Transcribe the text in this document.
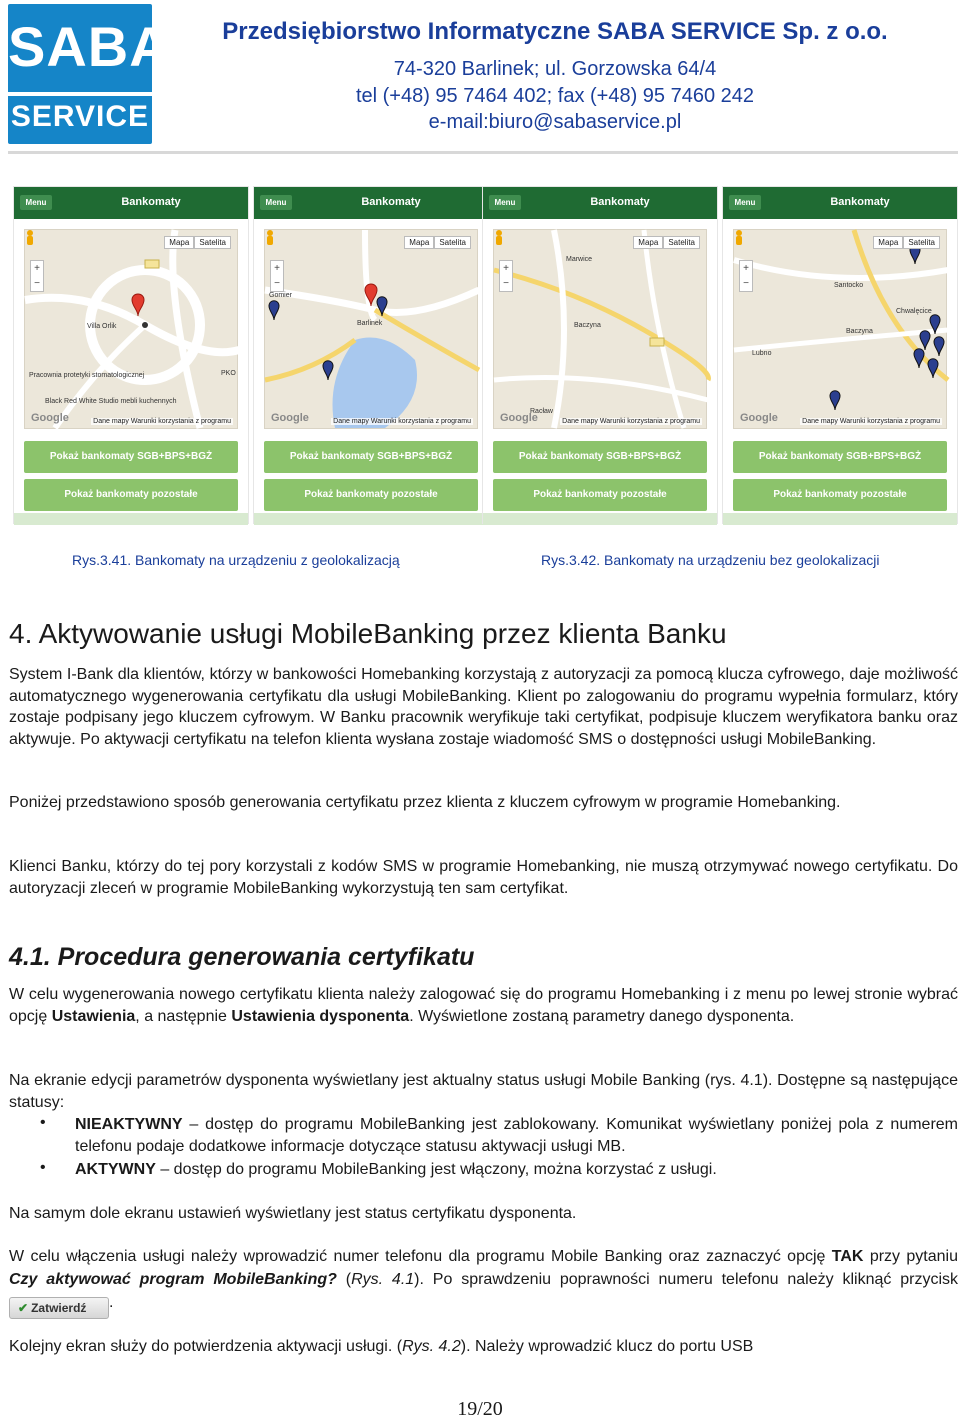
SABA
SERVICE
Przedsiębiorstwo Informatyczne SABA SERVICE Sp. z o.o.
74-320 Barlinek; ul. Gorzowska 64/4
tel (+48) 95 7464 402; fax (+48) 95 7460 242
e-mail:biuro@sabaservice.pl
Menu	Bankomaty
+
−
Mapa	Satelita
Villa Orlik
Pracownia protetyki stomatologicznej
Black Red White Studio mebli kuchennych
PKO
Google	Dane mapy Warunki korzystania z programu
Pokaż bankomaty SGB+BPS+BGŻ
Pokaż bankomaty pozostałe
Menu	Bankomaty
+
−
Mapa	Satelita
Barlinek
Gomier
Google	Dane mapy Warunki korzystania z programu
Pokaż bankomaty SGB+BPS+BGŻ
Pokaż bankomaty pozostałe
Menu	Bankomaty
+
−
Mapa	Satelita
Marwice
Baczyna
Racław
Google	Dane mapy Warunki korzystania z programu
Pokaż bankomaty SGB+BPS+BGŻ
Pokaż bankomaty pozostałe
Menu	Bankomaty
+
−
Mapa	Satelita
Santocko
Chwalęcice
Baczyna
Lubno
Google	Dane mapy Warunki korzystania z programu
Pokaż bankomaty SGB+BPS+BGŻ
Pokaż bankomaty pozostałe
Rys.3.41. Bankomaty na urządzeniu z geolokalizacją	Rys.3.42. Bankomaty na urządzeniu bez geolokalizacji
4. Aktywowanie usługi MobileBanking przez klienta Banku
System I-Bank dla klientów, którzy w bankowości Homebanking korzystają z autoryzacji za pomocą klucza cyfrowego, daje możliwość automatycznego wygenerowania certyfikatu dla usługi MobileBanking. Klient po zalogowaniu do programu wypełnia formularz, który zostaje podpisany jego kluczem cyfrowym. W Banku pracownik weryfikuje taki certyfikat, podpisuje kluczem weryfikatora banku oraz aktywuje. Po aktywacji certyfikatu na telefon klienta wysłana zostaje wiadomość SMS o dostępności usługi MobileBanking.
Poniżej przedstawiono sposób generowania certyfikatu przez klienta z kluczem cyfrowym w programie Homebanking.
Klienci Banku, którzy do tej pory korzystali z kodów SMS w programie Homebanking, nie muszą otrzymywać nowego certyfikatu. Do autoryzacji zleceń w programie MobileBanking wykorzystują ten sam certyfikat.
4.1. Procedura generowania certyfikatu
W celu wygenerowania nowego certyfikatu klienta należy zalogować się do programu Homebanking i z menu po lewej stronie wybrać opcję Ustawienia, a następnie Ustawienia dysponenta. Wyświetlone zostaną parametry danego dysponenta.
Na ekranie edycji parametrów dysponenta wyświetlany jest aktualny status usługi Mobile Banking (rys. 4.1). Dostępne są następujące statusy:
• NIEAKTYWNY – dostęp do programu MobileBanking jest zablokowany. Komunikat wyświetlany poniżej pola z numerem telefonu podaje dodatkowe informacje dotyczące statusu aktywacji usługi MB.
• AKTYWNY – dostęp do programu MobileBanking jest włączony, można korzystać z usługi.
Na samym dole ekranu ustawień wyświetlany jest status certyfikatu dysponenta.
W celu włączenia usługi należy wprowadzić numer telefonu dla programu Mobile Banking oraz zaznaczyć opcję TAK przy pytaniu Czy aktywować program MobileBanking? (Rys. 4.1). Po sprawdzeniu poprawności numeru telefonu należy kliknąć przycisk ✔ Zatwierdź .
Kolejny ekran służy do potwierdzenia aktywacji usługi. (Rys. 4.2). Należy wprowadzić klucz do portu USB
19/20
